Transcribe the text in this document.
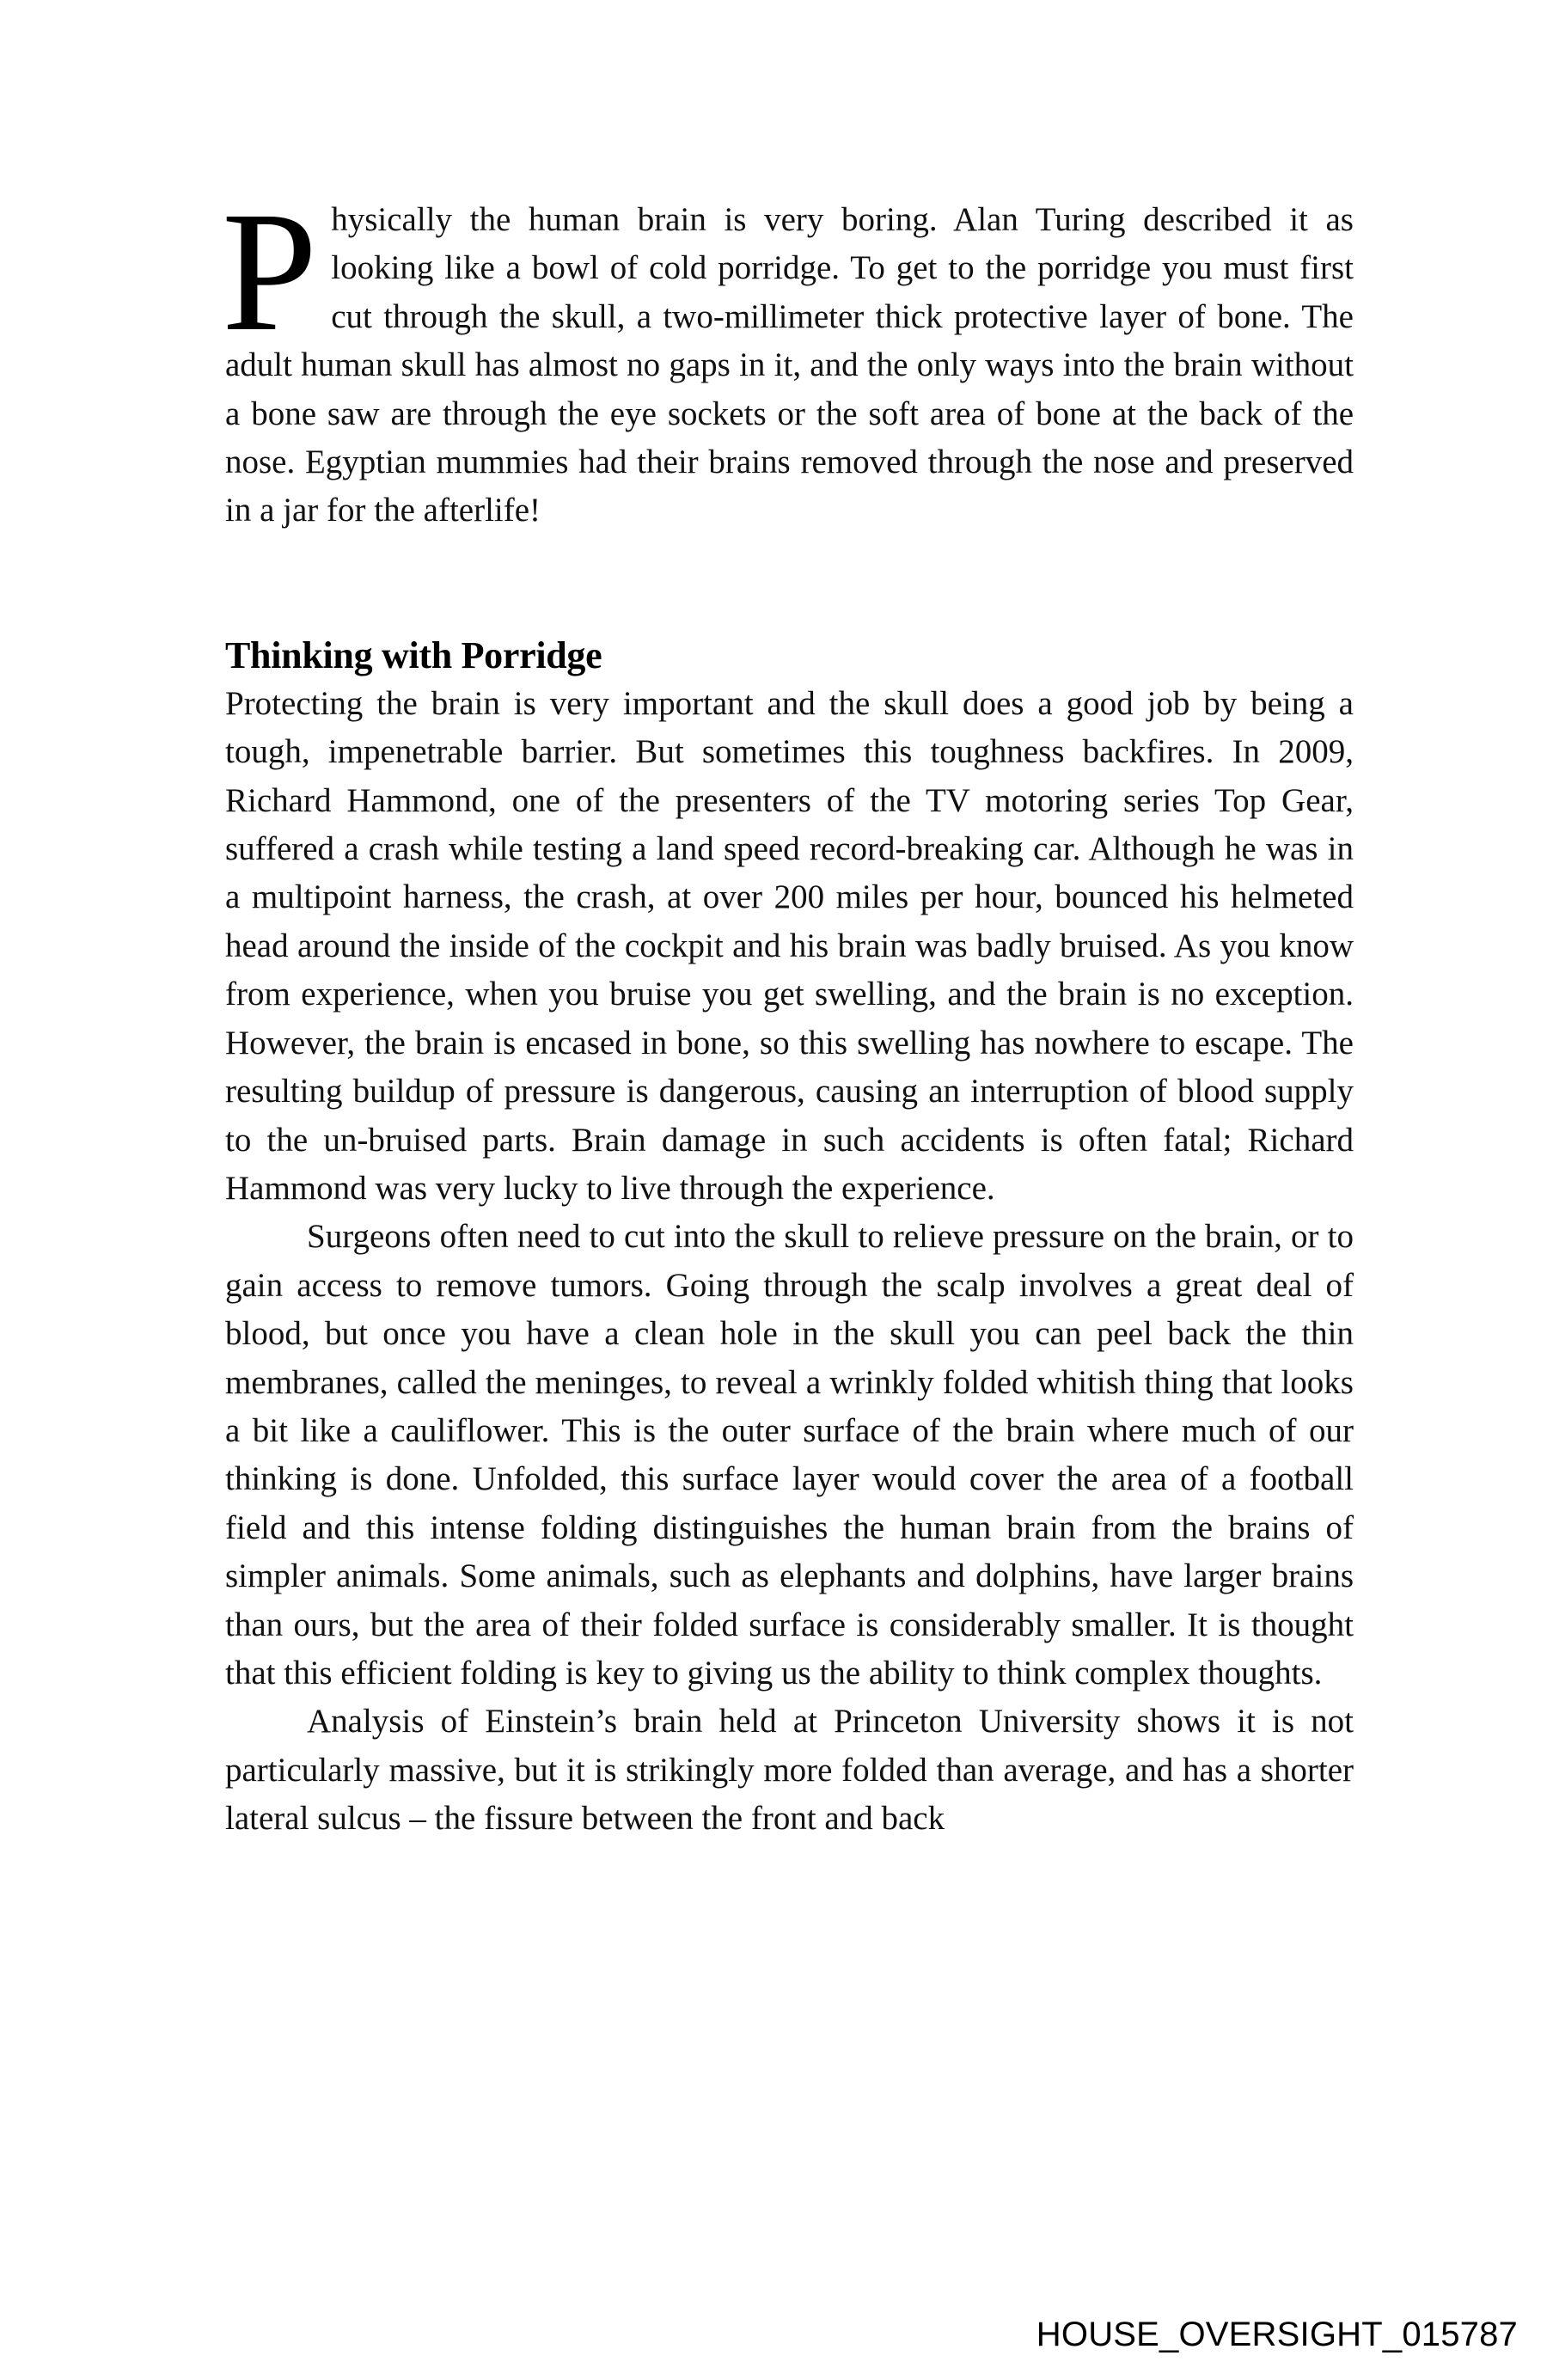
Physically the human brain is very boring. Alan Turing described it as looking like a bowl of cold porridge. To get to the porridge you must first cut through the skull, a two-millimeter thick protective layer of bone. The adult human skull has almost no gaps in it, and the only ways into the brain without a bone saw are through the eye sockets or the soft area of bone at the back of the nose. Egyptian mummies had their brains removed through the nose and preserved in a jar for the afterlife!

Thinking with Porridge

Protecting the brain is very important and the skull does a good job by being a tough, impenetrable barrier. But sometimes this toughness backfires. In 2009, Richard Hammond, one of the presenters of the TV motoring series Top Gear, suffered a crash while testing a land speed record-breaking car. Although he was in a multipoint harness, the crash, at over 200 miles per hour, bounced his helmeted head around the inside of the cockpit and his brain was badly bruised. As you know from experience, when you bruise you get swelling, and the brain is no exception. However, the brain is encased in bone, so this swelling has nowhere to escape. The resulting buildup of pressure is dangerous, causing an interruption of blood supply to the un-bruised parts. Brain damage in such accidents is often fatal; Richard Hammond was very lucky to live through the experience.

Surgeons often need to cut into the skull to relieve pressure on the brain, or to gain access to remove tumors. Going through the scalp involves a great deal of blood, but once you have a clean hole in the skull you can peel back the thin membranes, called the meninges, to reveal a wrinkly folded whitish thing that looks a bit like a cauliflower. This is the outer surface of the brain where much of our thinking is done. Unfolded, this surface layer would cover the area of a football field and this intense folding distinguishes the human brain from the brains of simpler animals. Some animals, such as elephants and dolphins, have larger brains than ours, but the area of their folded surface is considerably smaller. It is thought that this efficient folding is key to giving us the ability to think complex thoughts.

Analysis of Einstein’s brain held at Princeton University shows it is not particularly massive, but it is strikingly more folded than average, and has a shorter lateral sulcus – the fissure between the front and back

HOUSE_OVERSIGHT_015787
